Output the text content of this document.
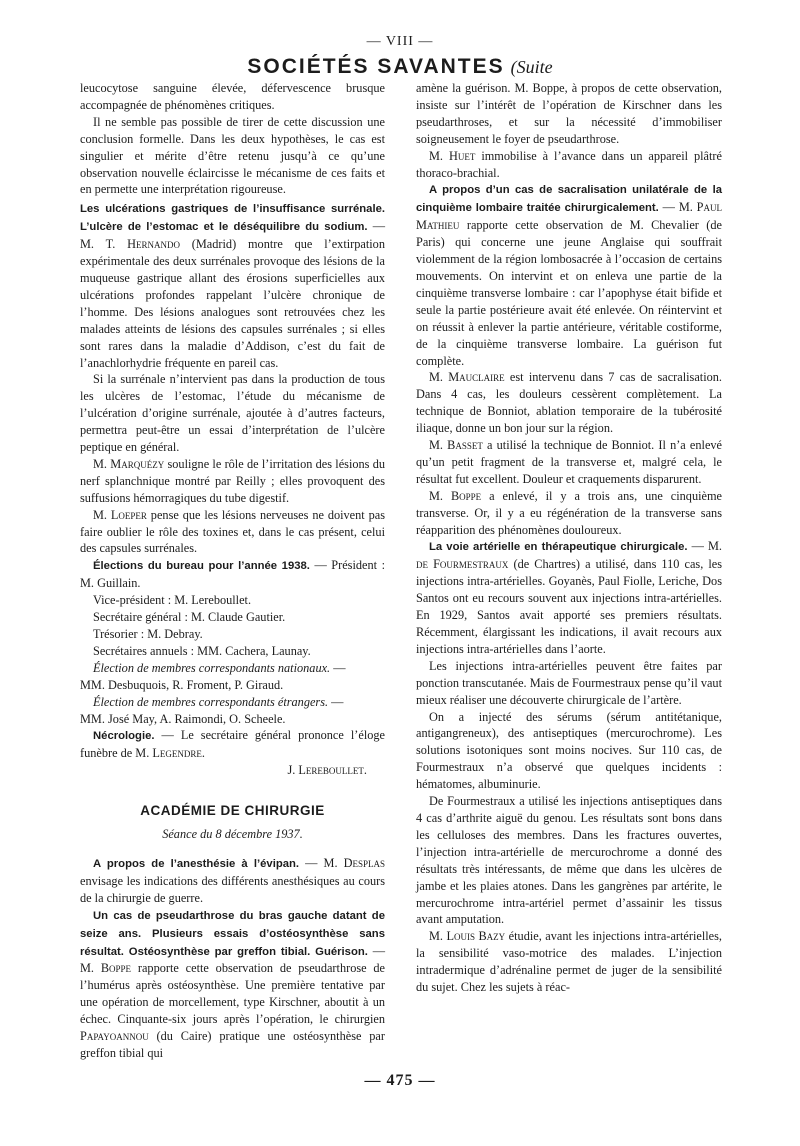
— VIII —
SOCIÉTÉS SAVANTES (Suite

leucocytose sanguine élevée, défervescence brusque accompagnée de phénomènes critiques.

Il ne semble pas possible de tirer de cette discussion une conclusion formelle. Dans les deux hypothèses, le cas est singulier et mérite d’être retenu jusqu’à ce qu’une observation nouvelle éclaircisse le mécanisme de ces faits et en permette une interprétation rigoureuse.

Les ulcérations gastriques de l’insuffisance surrénale. L’ulcère de l’estomac et le déséquilibre du sodium. — M. T. Hernando (Madrid) montre que l’extirpation expérimentale des deux surrénales provoque des lésions de la muqueuse gastrique allant des érosions superficielles aux ulcérations profondes rappelant l’ulcère chronique de l’homme. Des lésions analogues sont retrouvées chez les malades atteints de lésions des capsules surrénales ; si elles sont rares dans la maladie d’Addison, c’est du fait de l’anachlorhydrie fréquente en pareil cas.

Si la surrénale n’intervient pas dans la production de tous les ulcères de l’estomac, l’étude du mécanisme de l’ulcération d’origine surrénale, ajoutée à d’autres facteurs, permettra peut-être un essai d’interprétation de l’ulcère peptique en général.

M. Marquézy souligne le rôle de l’irritation des lésions du nerf splanchnique montré par Reilly ; elles provoquent des suffusions hémorragiques du tube digestif.

M. Loeper pense que les lésions nerveuses ne doivent pas faire oublier le rôle des toxines et, dans le cas présent, celui des capsules surrénales.

Élections du bureau pour l’année 1938. — Président : M. Guillain.

Vice-président : M. Lereboullet.

Secrétaire général : M. Claude Gautier.

Trésorier : M. Debray.

Secrétaires annuels : MM. Cachera, Launay.

Élection de membres correspondants nationaux. —

MM. Desbuquois, R. Froment, P. Giraud.

Élection de membres correspondants étrangers. —

MM. José May, A. Raimondi, O. Scheele.

Nécrologie. — Le secrétaire général prononce l’éloge funèbre de M. Legendre.

J. Lereboullet.

ACADÉMIE DE CHIRURGIE
Séance du 8 décembre 1937.

A propos de l’anesthésie à l’évipan. — M. Desplas envisage les indications des différents anesthésiques au cours de la chirurgie de guerre.

Un cas de pseudarthrose du bras gauche datant de seize ans. Plusieurs essais d’ostéosynthèse sans résultat. Ostéosynthèse par greffon tibial. Guérison. — M. Boppe rapporte cette observation de pseudarthrose de l’humérus après ostéosynthèse. Une première tentative par une opération de morcellement, type Kirschner, aboutit à un échec. Cinquante-six jours après l’opération, le chirurgien Papayoannou (du Caire) pratique une ostéosynthèse par greffon tibial qui

amène la guérison. M. Boppe, à propos de cette observation, insiste sur l’intérêt de l’opération de Kirschner dans les pseudarthroses, et sur la nécessité d’immobiliser soigneusement le foyer de pseudarthrose.

M. Huet immobilise à l’avance dans un appareil plâtré thoraco-brachial.

A propos d’un cas de sacralisation unilatérale de la cinquième lombaire traitée chirurgicalement. — M. Paul Mathieu rapporte cette observation de M. Chevalier (de Paris) qui concerne une jeune Anglaise qui souffrait violemment de la région lombosacrée à l’occasion de certains mouvements. On intervint et on enleva une partie de la cinquième transverse lombaire : car l’apophyse était bifide et seule la partie postérieure avait été enlevée. On réintervint et on réussit à enlever la partie antérieure, véritable costiforme, de la cinquième transverse lombaire. La guérison fut complète.

M. Mauclaire est intervenu dans 7 cas de sacralisation. Dans 4 cas, les douleurs cessèrent complètement. La technique de Bonniot, ablation temporaire de la tubérosité iliaque, donne un bon jour sur la région.

M. Basset a utilisé la technique de Bonniot. Il n’a enlevé qu’un petit fragment de la transverse et, malgré cela, le résultat fut excellent. Douleur et craquements disparurent.

M. Boppe a enlevé, il y a trois ans, une cinquième transverse. Or, il y a eu régénération de la transverse sans réapparition des phénomènes douloureux.

La voie artérielle en thérapeutique chirurgicale. — M. de Fourmestraux (de Chartres) a utilisé, dans 110 cas, les injections intra-artérielles. Goyanès, Paul Fiolle, Leriche, Dos Santos ont eu recours souvent aux injections intra-artérielles. En 1929, Santos avait apporté ses premiers résultats. Récemment, élargissant les indications, il avait recours aux injections intra-artérielles dans l’aorte.

Les injections intra-artérielles peuvent être faites par ponction transcutanée. Mais de Fourmestraux pense qu’il vaut mieux réaliser une découverte chirurgicale de l’artère.

On a injecté des sérums (sérum antitétanique, antigangreneux), des antiseptiques (mercurochrome). Les solutions isotoniques sont moins nocives. Sur 110 cas, de Fourmestraux n’a observé que quelques incidents : hématomes, albuminurie.

De Fourmestraux a utilisé les injections antiseptiques dans 4 cas d’arthrite aiguë du genou. Les résultats sont bons dans les celluloses des membres. Dans les fractures ouvertes, l’injection intra-artérielle de mercurochrome a donné des résultats très intéressants, de même que dans les ulcères de jambe et les plaies atones. Dans les gangrènes par artérite, le mercurochrome intra-artériel permet d’assainir les tissus avant amputation.

M. Louis Bazy étudie, avant les injections intra-artérielles, la sensibilité vaso-motrice des malades. L’injection intradermique d’adrénaline permet de juger de la sensibilité du sujet. Chez les sujets à réac-

— 475 —
